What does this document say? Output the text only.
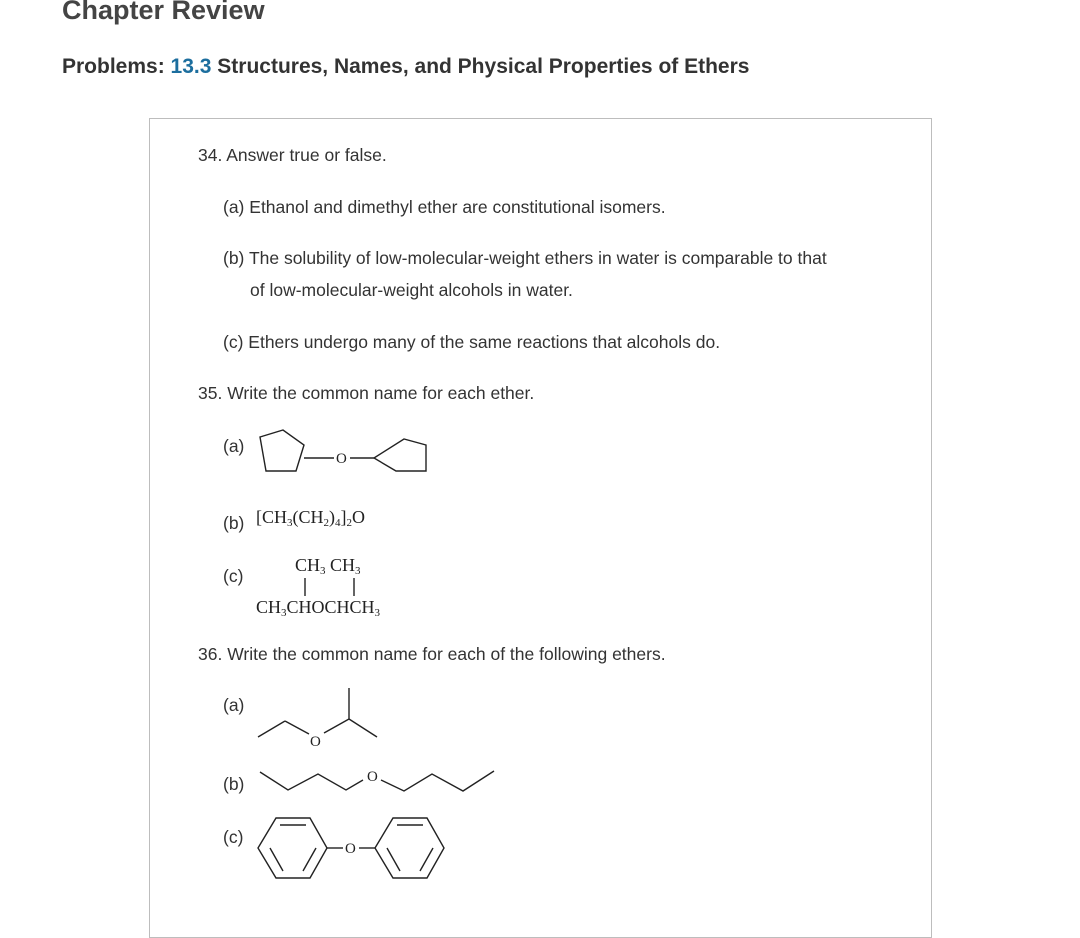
Chapter Review
Problems: 13.3 Structures, Names, and Physical Properties of Ethers
34. Answer true or false.
(a) Ethanol and dimethyl ether are constitutional isomers.
(b) The solubility of low-molecular-weight ethers in water is comparable to that
of low-molecular-weight alcohols in water.
(c) Ethers undergo many of the same reactions that alcohols do.
35. Write the common name for each ether.
(a)
O
(b) $[CH_3(CH_2)_4]_2O$
(c)
$CH_3$ $CH_3$
$CH_3CHOCHCH_3$
36. Write the common name for each of the following ethers.
(a)
O
(b)	O
(c)
O
